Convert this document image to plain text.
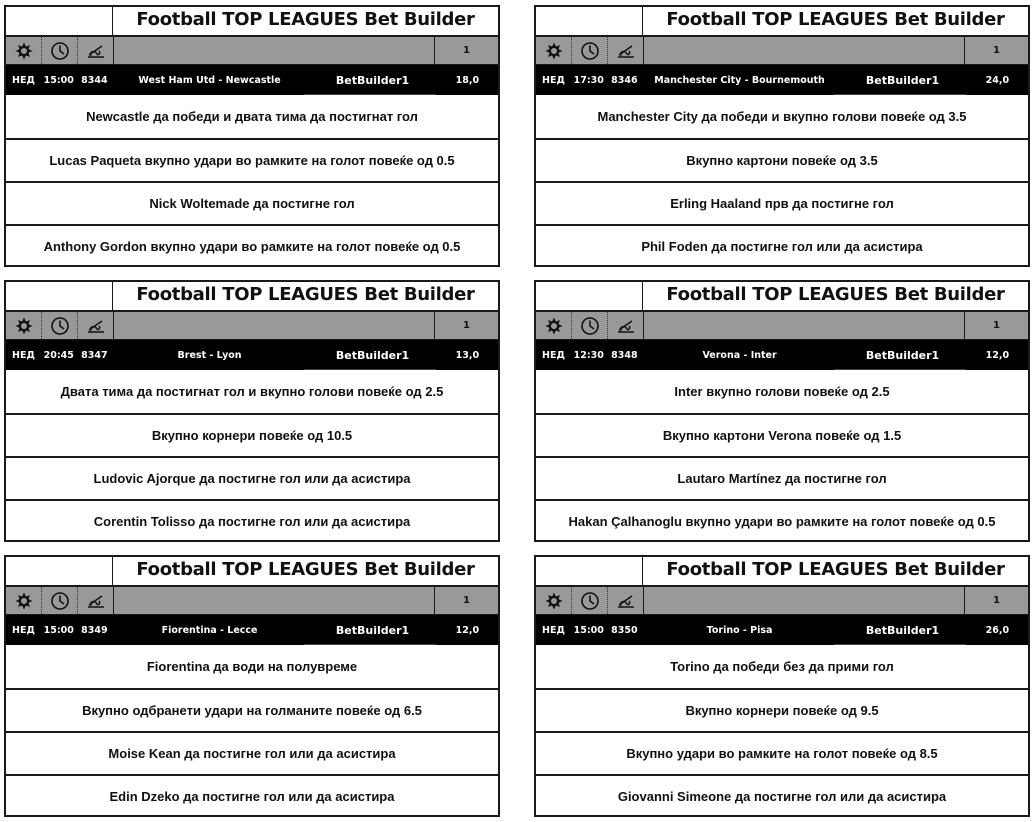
Football TOP LEAGUES Bet Builder
1
НЕД 15:00 8344	West Ham Utd - Newcastle	BetBuilder1	18,0
Newcastle да победи и двата тима да постигнат гол
Lucas Paqueta вкупно удари во рамките на голот повеќе од 0.5
Nick Woltemade да постигне гол
Anthony Gordon вкупно удари во рамките на голот повеќе од 0.5
Football TOP LEAGUES Bet Builder
1
НЕД 17:30 8346	Manchester City - Bournemouth	BetBuilder1	24,0
Manchester City да победи и вкупно голови повеќе од 3.5
Вкупно картони повеќе од 3.5
Erling Haaland прв да постигне гол
Phil Foden да постигне гол или да асистира
Football TOP LEAGUES Bet Builder
1
НЕД 20:45 8347	Brest - Lyon	BetBuilder1	13,0
Двата тима да постигнат гол и вкупно голови повеќе од 2.5
Вкупно корнери повеќе од 10.5
Ludovic Ajorque да постигне гол или да асистира
Corentin Tolisso да постигне гол или да асистира
Football TOP LEAGUES Bet Builder
1
НЕД 12:30 8348	Verona - Inter	BetBuilder1	12,0
Inter вкупно голови повеќе од 2.5
Вкупно картони Verona повеќе од 1.5
Lautaro Martínez да постигне гол
Hakan Çalhanoglu вкупно удари во рамките на голот повеќе од 0.5
Football TOP LEAGUES Bet Builder
1
НЕД 15:00 8349	Fiorentina - Lecce	BetBuilder1	12,0
Fiorentina да води на полувреме
Вкупно одбранети удари на голманите повеќе од 6.5
Moise Kean да постигне гол или да асистира
Edin Dzeko да постигне гол или да асистира
Football TOP LEAGUES Bet Builder
1
НЕД 15:00 8350	Torino - Pisa	BetBuilder1	26,0
Torino да победи без да прими гол
Вкупно корнери повеќе од 9.5
Вкупно удари во рамките на голот повеќе од 8.5
Giovanni Simeone да постигне гол или да асистира
